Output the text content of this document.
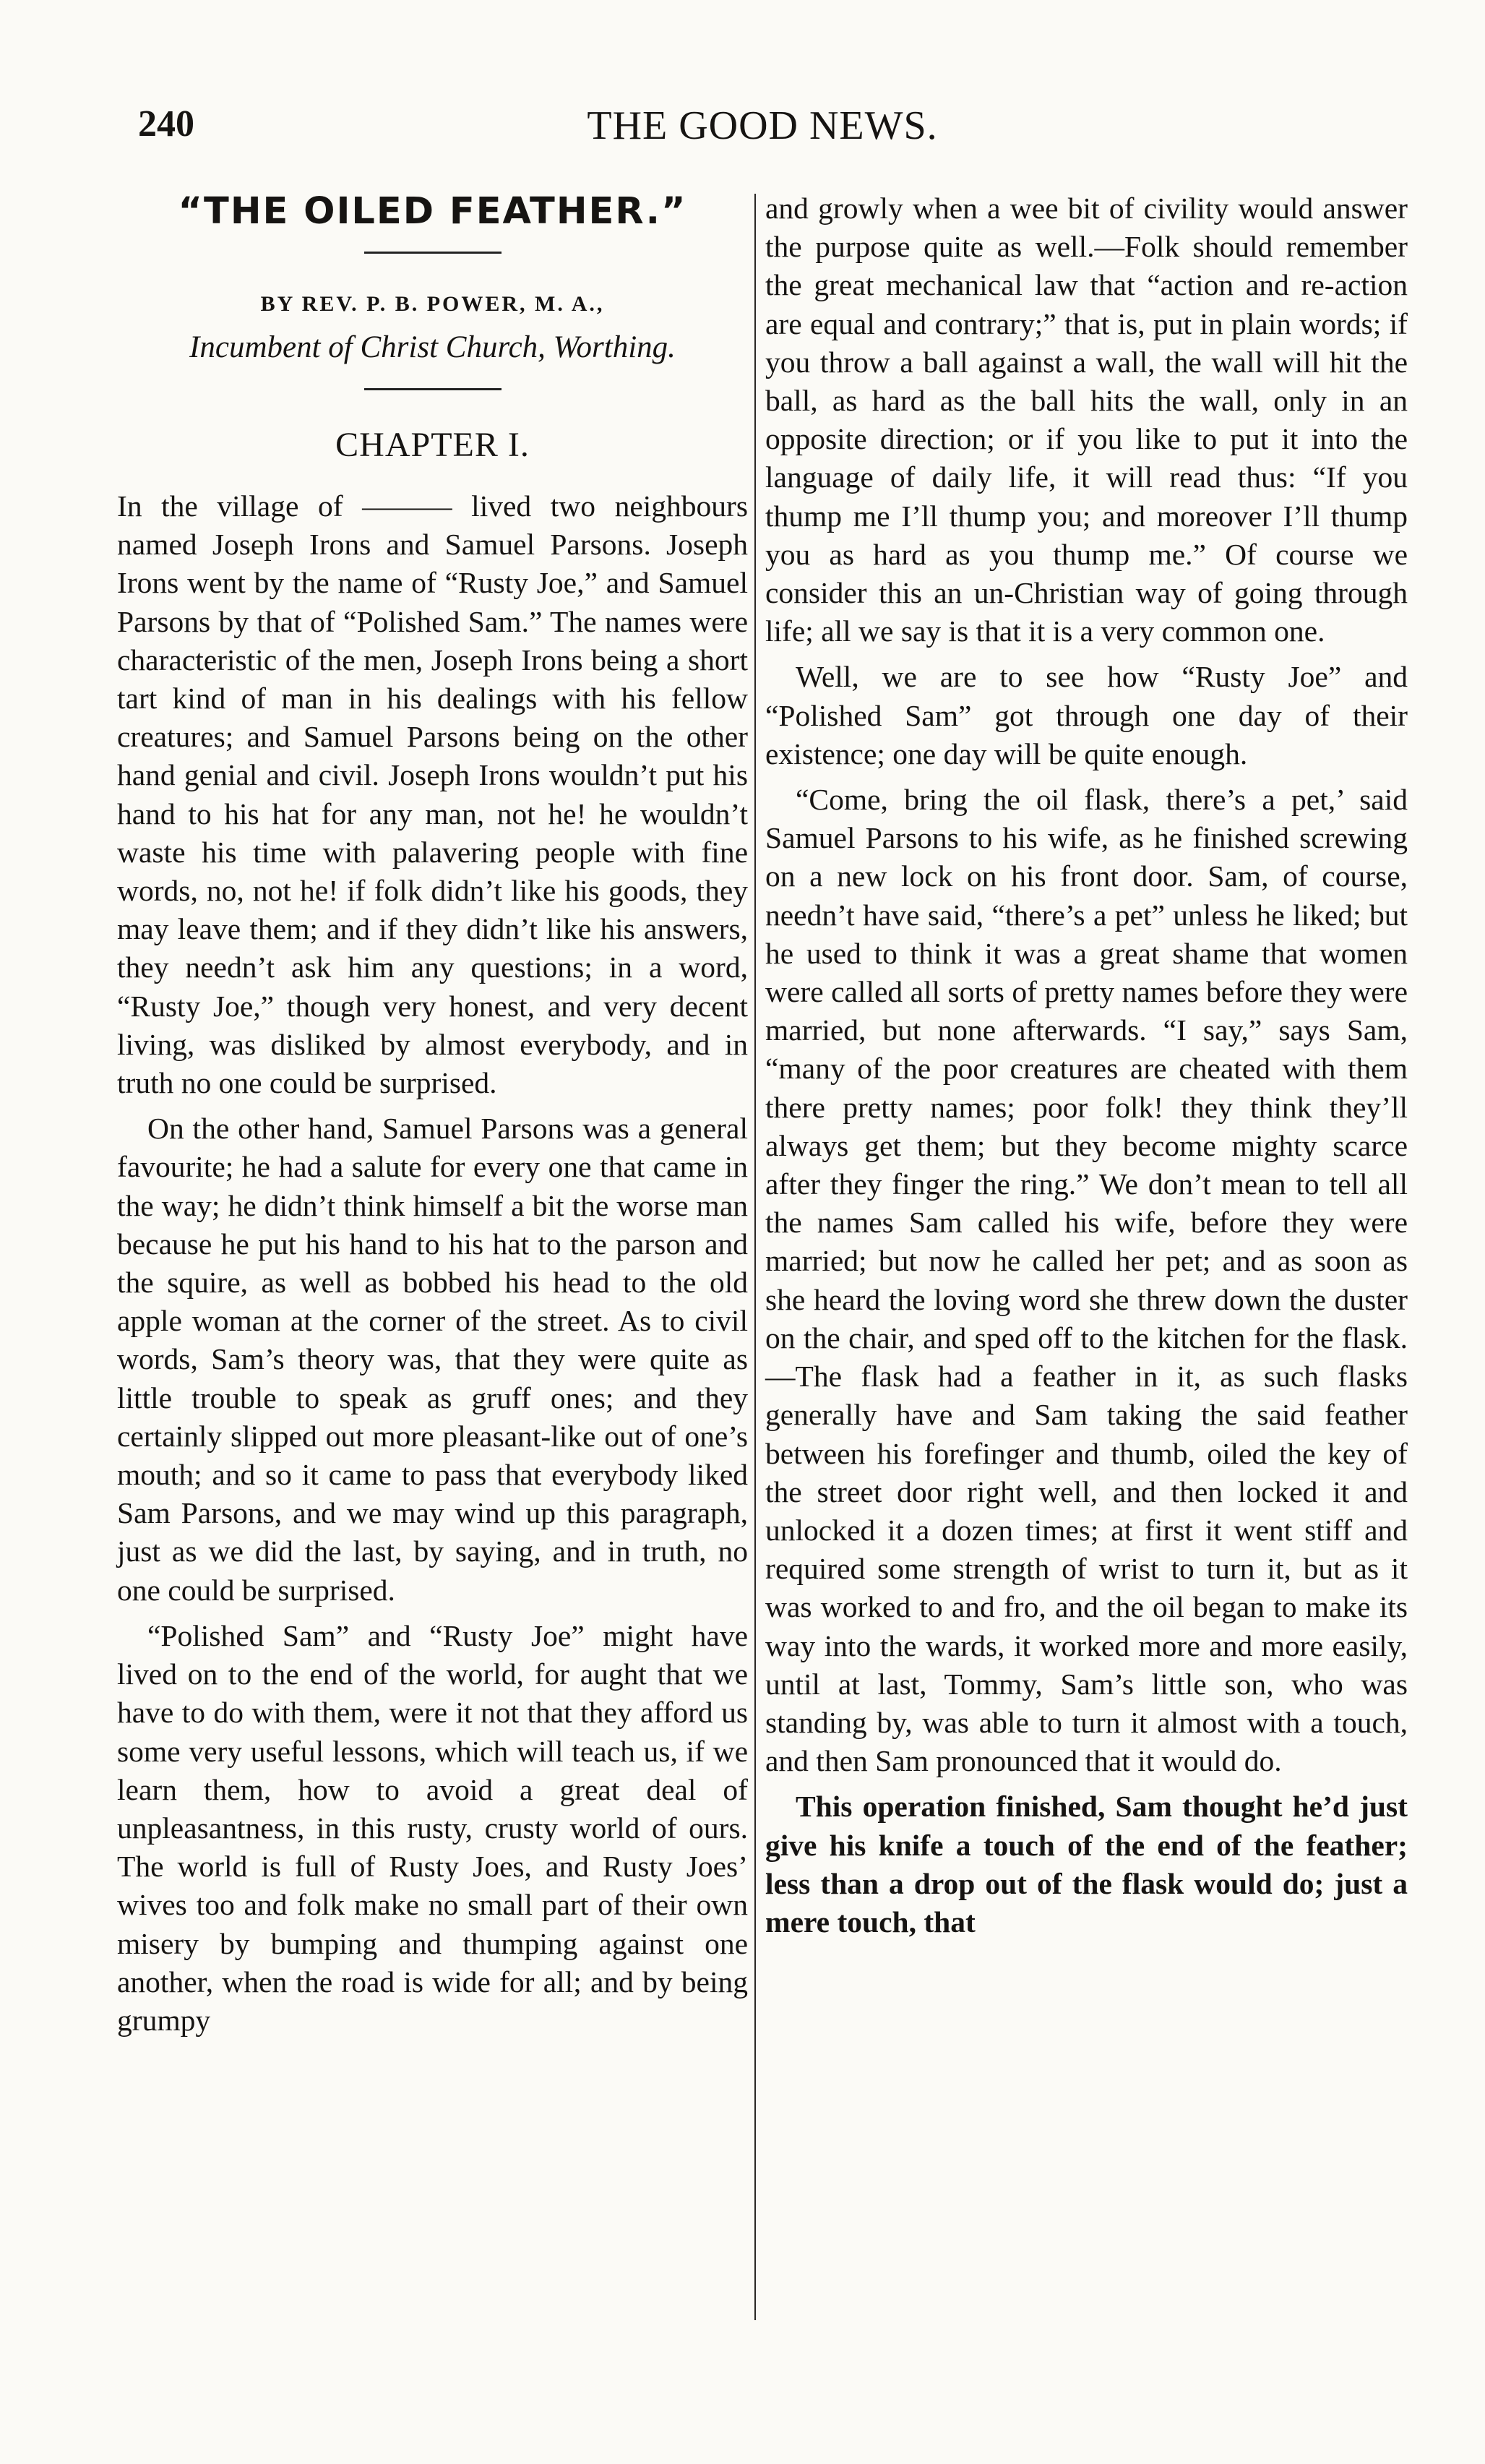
240	THE GOOD NEWS.
“THE OILED FEATHER.”
BY REV. P. B. POWER, M. A.,
Incumbent of Christ Church, Worthing.
CHAPTER I.

In the village of ——— lived two neighbours named Joseph Irons and Samuel Parsons. Joseph Irons went by the name of “Rusty Joe,” and Samuel Parsons by that of “Polished Sam.” The names were characteristic of the men, Joseph Irons being a short tart kind of man in his dealings with his fellow creatures; and Samuel Parsons being on the other hand genial and civil. Joseph Irons wouldn’t put his hand to his hat for any man, not he! he wouldn’t waste his time with palavering people with fine words, no, not he! if folk didn’t like his goods, they may leave them; and if they didn’t like his answers, they needn’t ask him any questions; in a word, “Rusty Joe,” though very honest, and very decent living, was disliked by almost everybody, and in truth no one could be surprised.

On the other hand, Samuel Parsons was a general favourite; he had a salute for every one that came in the way; he didn’t think himself a bit the worse man because he put his hand to his hat to the parson and the squire, as well as bobbed his head to the old apple woman at the corner of the street. As to civil words, Sam’s theory was, that they were quite as little trouble to speak as gruff ones; and they certainly slipped out more pleasant-like out of one’s mouth; and so it came to pass that everybody liked Sam Parsons, and we may wind up this paragraph, just as we did the last, by saying, and in truth, no one could be surprised.

“Polished Sam” and “Rusty Joe” might have lived on to the end of the world, for aught that we have to do with them, were it not that they afford us some very useful lessons, which will teach us, if we learn them, how to avoid a great deal of unpleasantness, in this rusty, crusty world of ours. The world is full of Rusty Joes, and Rusty Joes’ wives too and folk make no small part of their own misery by bumping and thumping against one another, when the road is wide for all; and by being grumpy

and growly when a wee bit of civility would answer the purpose quite as well.—Folk should remember the great mechanical law that “action and re-action are equal and contrary;” that is, put in plain words; if you throw a ball against a wall, the wall will hit the ball, as hard as the ball hits the wall, only in an opposite direction; or if you like to put it into the language of daily life, it will read thus: “If you thump me I’ll thump you; and moreover I’ll thump you as hard as you thump me.” Of course we consider this an un-Christian way of going through life; all we say is that it is a very common one.

Well, we are to see how “Rusty Joe” and “Polished Sam” got through one day of their existence; one day will be quite enough.

“Come, bring the oil flask, there’s a pet,’ said Samuel Parsons to his wife, as he finished screwing on a new lock on his front door. Sam, of course, needn’t have said, “there’s a pet” unless he liked; but he used to think it was a great shame that women were called all sorts of pretty names before they were married, but none afterwards. “I say,” says Sam, “many of the poor creatures are cheated with them there pretty names; poor folk! they think they’ll always get them; but they become mighty scarce after they finger the ring.” We don’t mean to tell all the names Sam called his wife, before they were married; but now he called her pet; and as soon as she heard the loving word she threw down the duster on the chair, and sped off to the kitchen for the flask.—The flask had a feather in it, as such flasks generally have and Sam taking the said feather between his forefinger and thumb, oiled the key of the street door right well, and then locked it and unlocked it a dozen times; at first it went stiff and required some strength of wrist to turn it, but as it was worked to and fro, and the oil began to make its way into the wards, it worked more and more easily, until at last, Tommy, Sam’s little son, who was standing by, was able to turn it almost with a touch, and then Sam pronounced that it would do.

This operation finished, Sam thought he’d just give his knife a touch of the end of the feather; less than a drop out of the flask would do; just a mere touch, that
